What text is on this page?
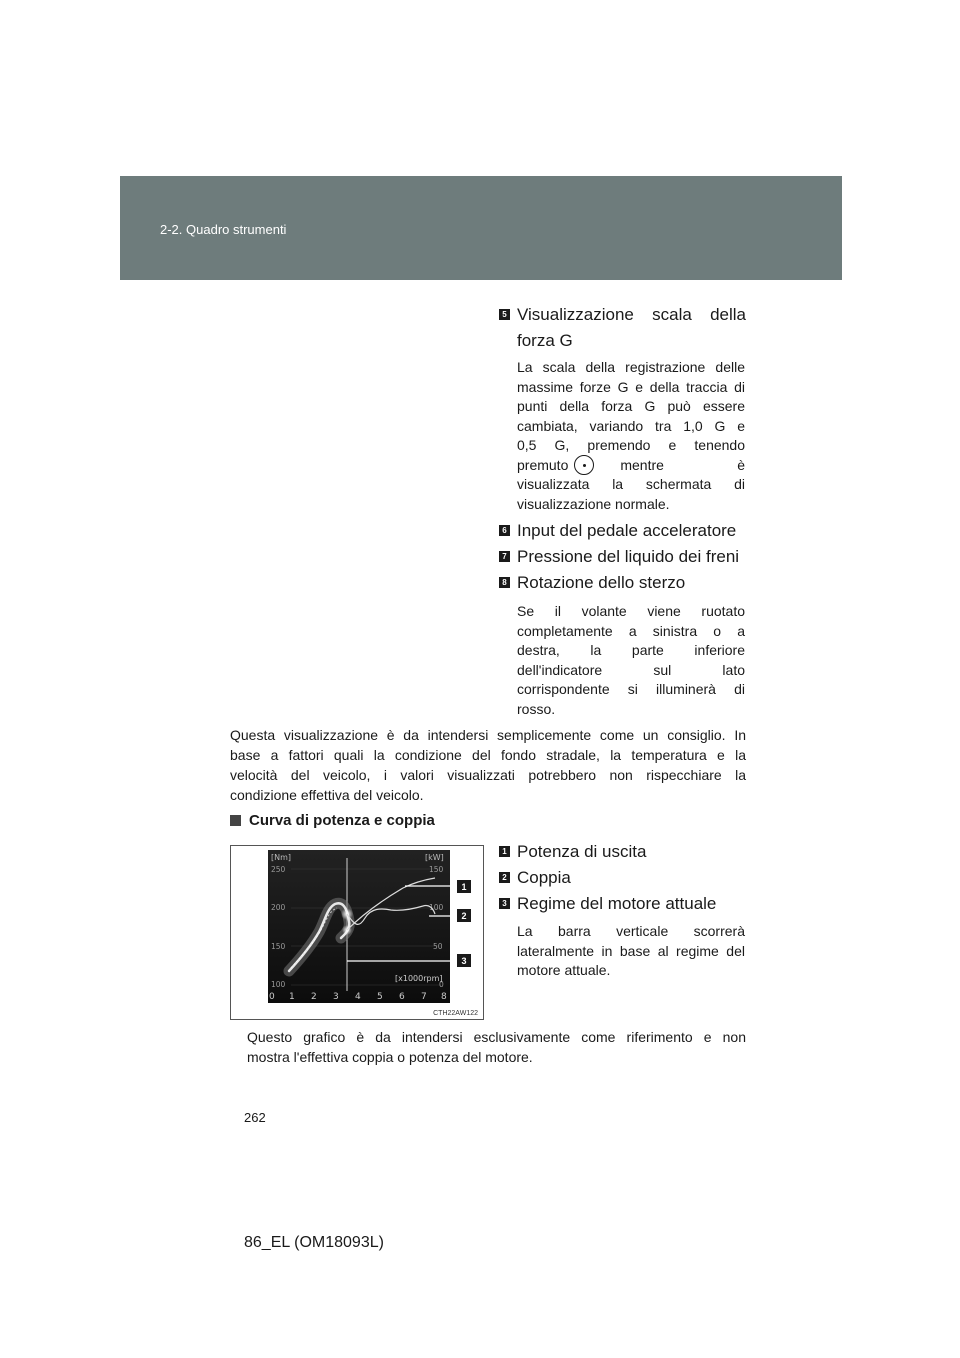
2-2. Quadro strumenti
5 Visualizzazione scala della
forza G
La scala della registrazione delle
massime forze G e della traccia di
punti della forza G può essere
cambiata, variando tra 1,0 G e
0,5 G, premendo e tenendo
premuto	mentre è
visualizzata la schermata di
visualizzazione normale.
6 Input del pedale acceleratore
7 Pressione del liquido dei freni
8 Rotazione dello sterzo
Se il volante viene ruotato
completamente a sinistra o a
destra, la parte inferiore
dell'indicatore sul lato
corrispondente si illuminerà di
rosso.
Questa visualizzazione è da intendersi semplicemente come un consiglio. In
base a fattori quali la condizione del fondo stradale, la temperatura e la
velocità del veicolo, i valori visualizzati potrebbero non rispecchiare la
condizione effettiva del veicolo.
Curva di potenza e coppia
[Nm]	[kW]
250
200
150
100
150
100
50
0
[x1000rpm]
0 1 2 3 4 5 6 7 8
1
2
3
CTH22AW122
1 Potenza di uscita
2 Coppia
3 Regime del motore attuale
La barra verticale scorrerà
lateralmente in base al regime del
motore attuale.
Questo grafico è da intendersi esclusivamente come riferimento e non
mostra l'effettiva coppia o potenza del motore.
262
86_EL (OM18093L)
